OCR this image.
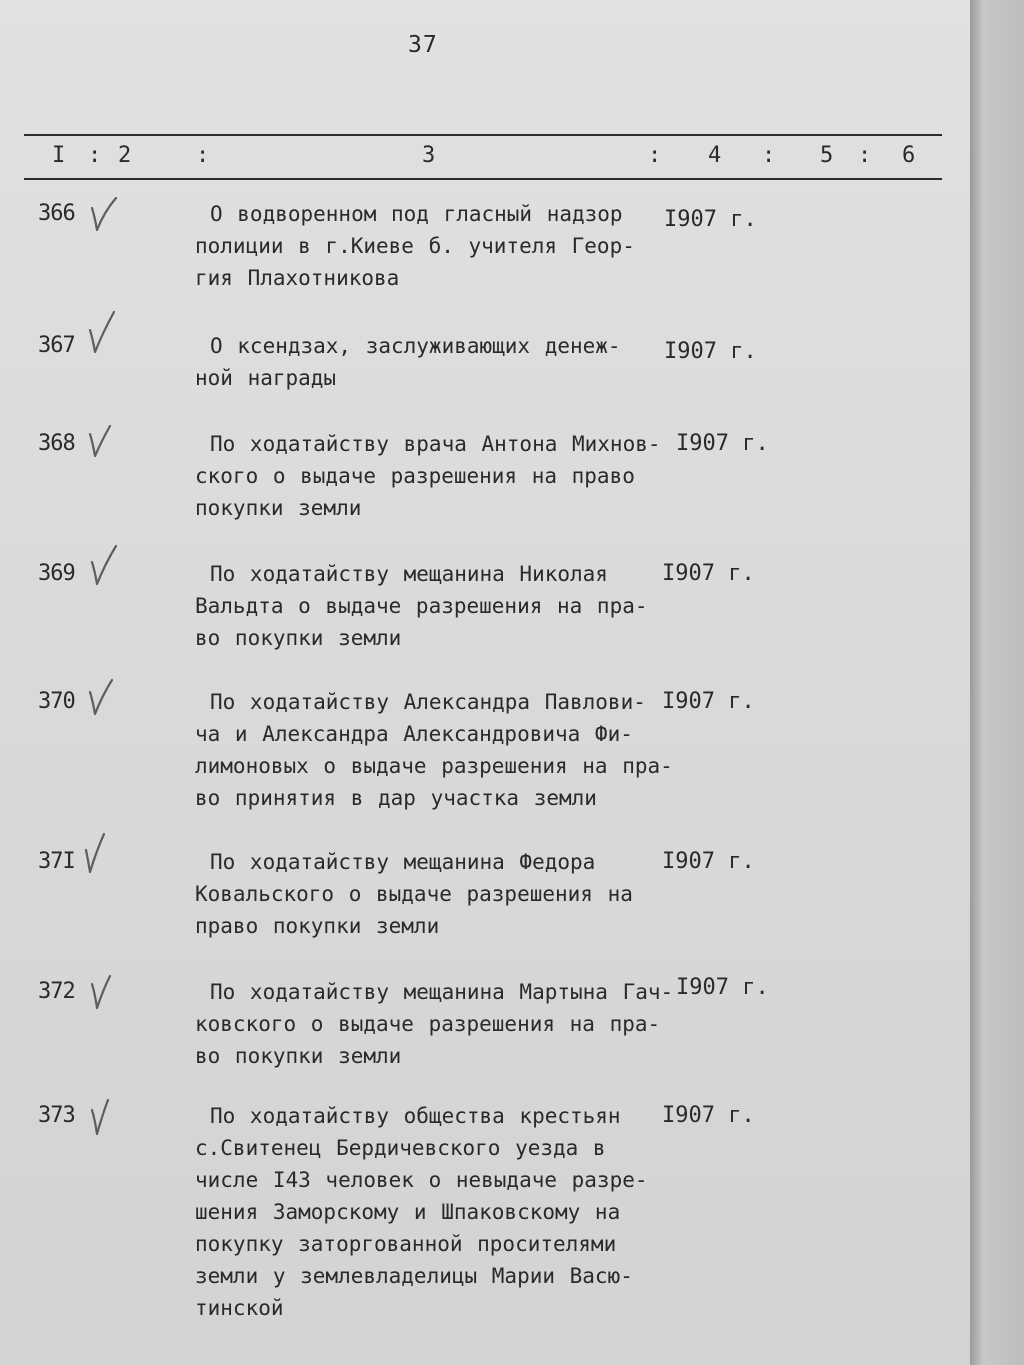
37
I : 2	:	3	: 4 : 5 : 6
366	О водворенном под гласный надзор
полиции в г.Киеве б. учителя Геор-
гия Плахотникова
I907 г.
367	О ксендзах, заслуживающих денеж-
ной награды
I907 г.
368	По ходатайству врача Антона Михнов-
ского о выдаче разрешения на право
покупки земли
I907 г.
369	По ходатайству мещанина Николая
Вальдта о выдаче разрешения на пра-
во покупки земли
I907 г.
370	По ходатайству Александра Павлови-
ча и Александра Александровича Фи-
лимоновых о выдаче разрешения на пра-
во принятия в дар участка земли
I907 г.
37I	По ходатайству мещанина Федора
Ковальского о выдаче разрешения на
право покупки земли
I907 г.
372	По ходатайству мещанина Мартына Гач-
ковского о выдаче разрешения на пра-
во покупки земли
I907 г.
373	По ходатайству общества крестьян
с.Свитенец Бердичевского уезда в
числе I43 человек о невыдаче разре-
шения Заморскому и Шпаковскому на
покупку заторгованной просителями
земли у землевладелицы Марии Васю-
тинской
I907 г.
